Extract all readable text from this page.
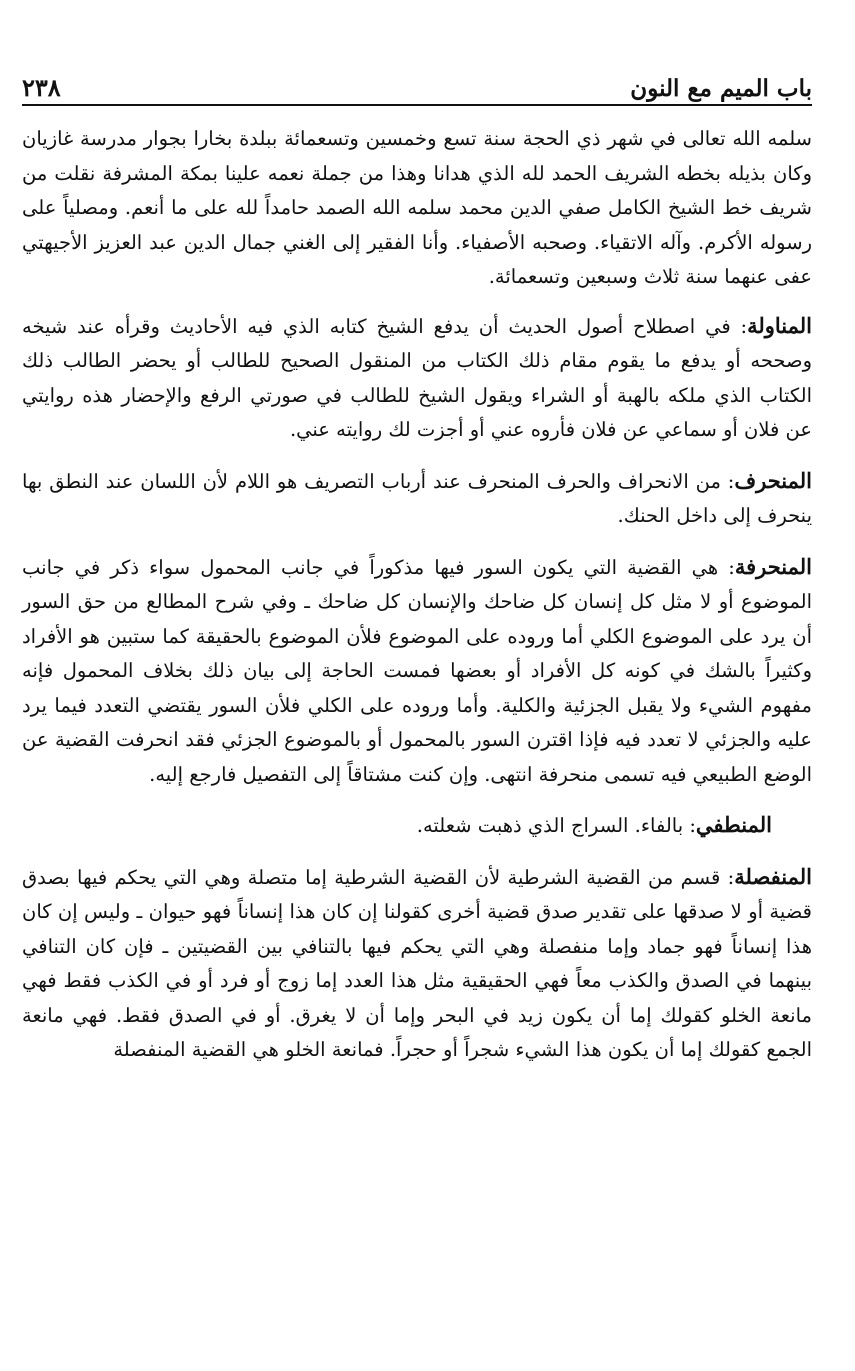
باب الميم مع النون
٢٣٨

سلمه الله تعالى في شهر ذي الحجة سنة تسع وخمسين وتسعمائة ببلدة بخارا بجوار مدرسة غازيان وكان بذيله بخطه الشريف الحمد لله الذي هدانا وهذا من جملة نعمه علينا بمكة المشرفة نقلت من شريف خط الشيخ الكامل صفي الدين محمد سلمه الله الصمد حامداً لله على ما أنعم. ومصلياً على رسوله الأكرم. وآله الاتقياء. وصحبه الأصفياء. وأنا الفقير إلى الغني جمال الدين عبد العزيز الأجيهتي عفى عنهما سنة ثلاث وسبعين وتسعمائة.

المناولة: في اصطلاح أصول الحديث أن يدفع الشيخ كتابه الذي فيه الأحاديث وقرأه عند شيخه وصححه أو يدفع ما يقوم مقام ذلك الكتاب من المنقول الصحيح للطالب أو يحضر الطالب ذلك الكتاب الذي ملكه بالهبة أو الشراء ويقول الشيخ للطالب في صورتي الرفع والإحضار هذه روايتي عن فلان أو سماعي عن فلان فأروه عني أو أجزت لك روايته عني.

المنحرف: من الانحراف والحرف المنحرف عند أرباب التصريف هو اللام لأن اللسان عند النطق بها ينحرف إلى داخل الحنك.

المنحرفة: هي القضية التي يكون السور فيها مذكوراً في جانب المحمول سواء ذكر في جانب الموضوع أو لا مثل كل إنسان كل ضاحك والإنسان كل ضاحك ـ وفي شرح المطالع من حق السور أن يرد على الموضوع الكلي أما وروده على الموضوع فلأن الموضوع بالحقيقة كما ستبين هو الأفراد وكثيراً بالشك في كونه كل الأفراد أو بعضها فمست الحاجة إلى بيان ذلك بخلاف المحمول فإنه مفهوم الشيء ولا يقبل الجزئية والكلية. وأما وروده على الكلي فلأن السور يقتضي التعدد فيما يرد عليه والجزئي لا تعدد فيه فإذا اقترن السور بالمحمول أو بالموضوع الجزئي فقد انحرفت القضية عن الوضع الطبيعي فيه تسمى منحرفة انتهى. وإن كنت مشتاقاً إلى التفصيل فارجع إليه.

المنطفي: بالفاء. السراج الذي ذهبت شعلته.

المنفصلة: قسم من القضية الشرطية لأن القضية الشرطية إما متصلة وهي التي يحكم فيها بصدق قضية أو لا صدقها على تقدير صدق قضية أخرى كقولنا إن كان هذا إنساناً فهو حيوان ـ وليس إن كان هذا إنساناً فهو جماد وإما منفصلة وهي التي يحكم فيها بالتنافي بين القضيتين ـ فإن كان التنافي بينهما في الصدق والكذب معاً فهي الحقيقية مثل هذا العدد إما زوج أو فرد أو في الكذب فقط فهي مانعة الخلو كقولك إما أن يكون زيد في البحر وإما أن لا يغرق. أو في الصدق فقط. فهي مانعة الجمع كقولك إما أن يكون هذا الشيء شجراً أو حجراً. فمانعة الخلو هي القضية المنفصلة
